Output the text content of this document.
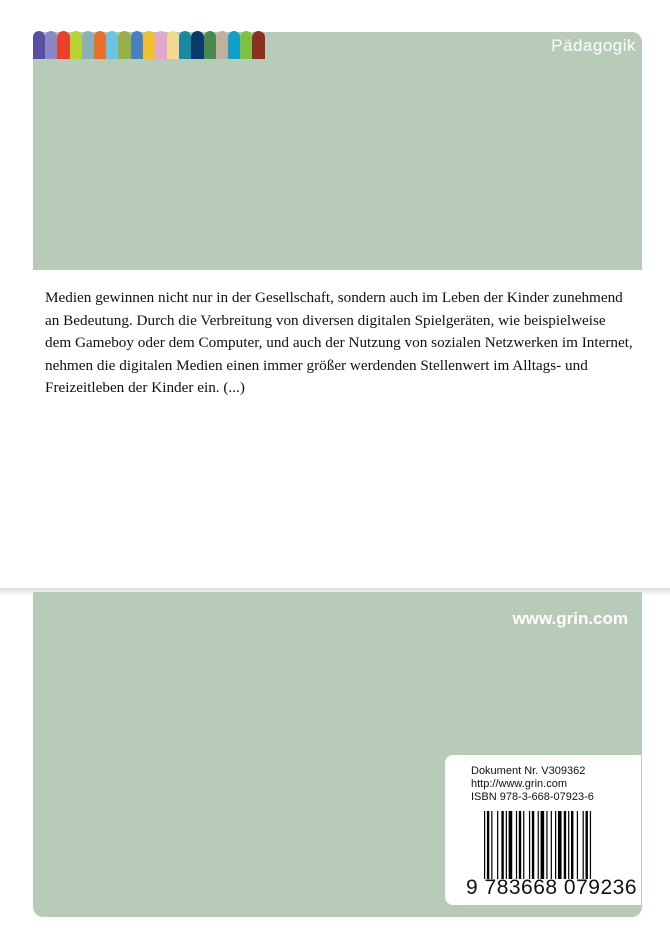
Pädagogik
Medien gewinnen nicht nur in der Gesellschaft, sondern auch im Leben der Kinder zunehmend an Bedeutung. Durch die Verbreitung von diversen digitalen Spielgeräten, wie beispielweise dem Gameboy oder dem Computer, und auch der Nutzung von sozialen Netzwerken im Internet, nehmen die digitalen Medien einen immer größer werdenden Stellenwert im Alltags- und Freizeitleben der Kinder ein. (...)
www.grin.com
Dokument Nr. V309362
http://www.grin.com
ISBN 978-3-668-07923-6
9 783668 079236
